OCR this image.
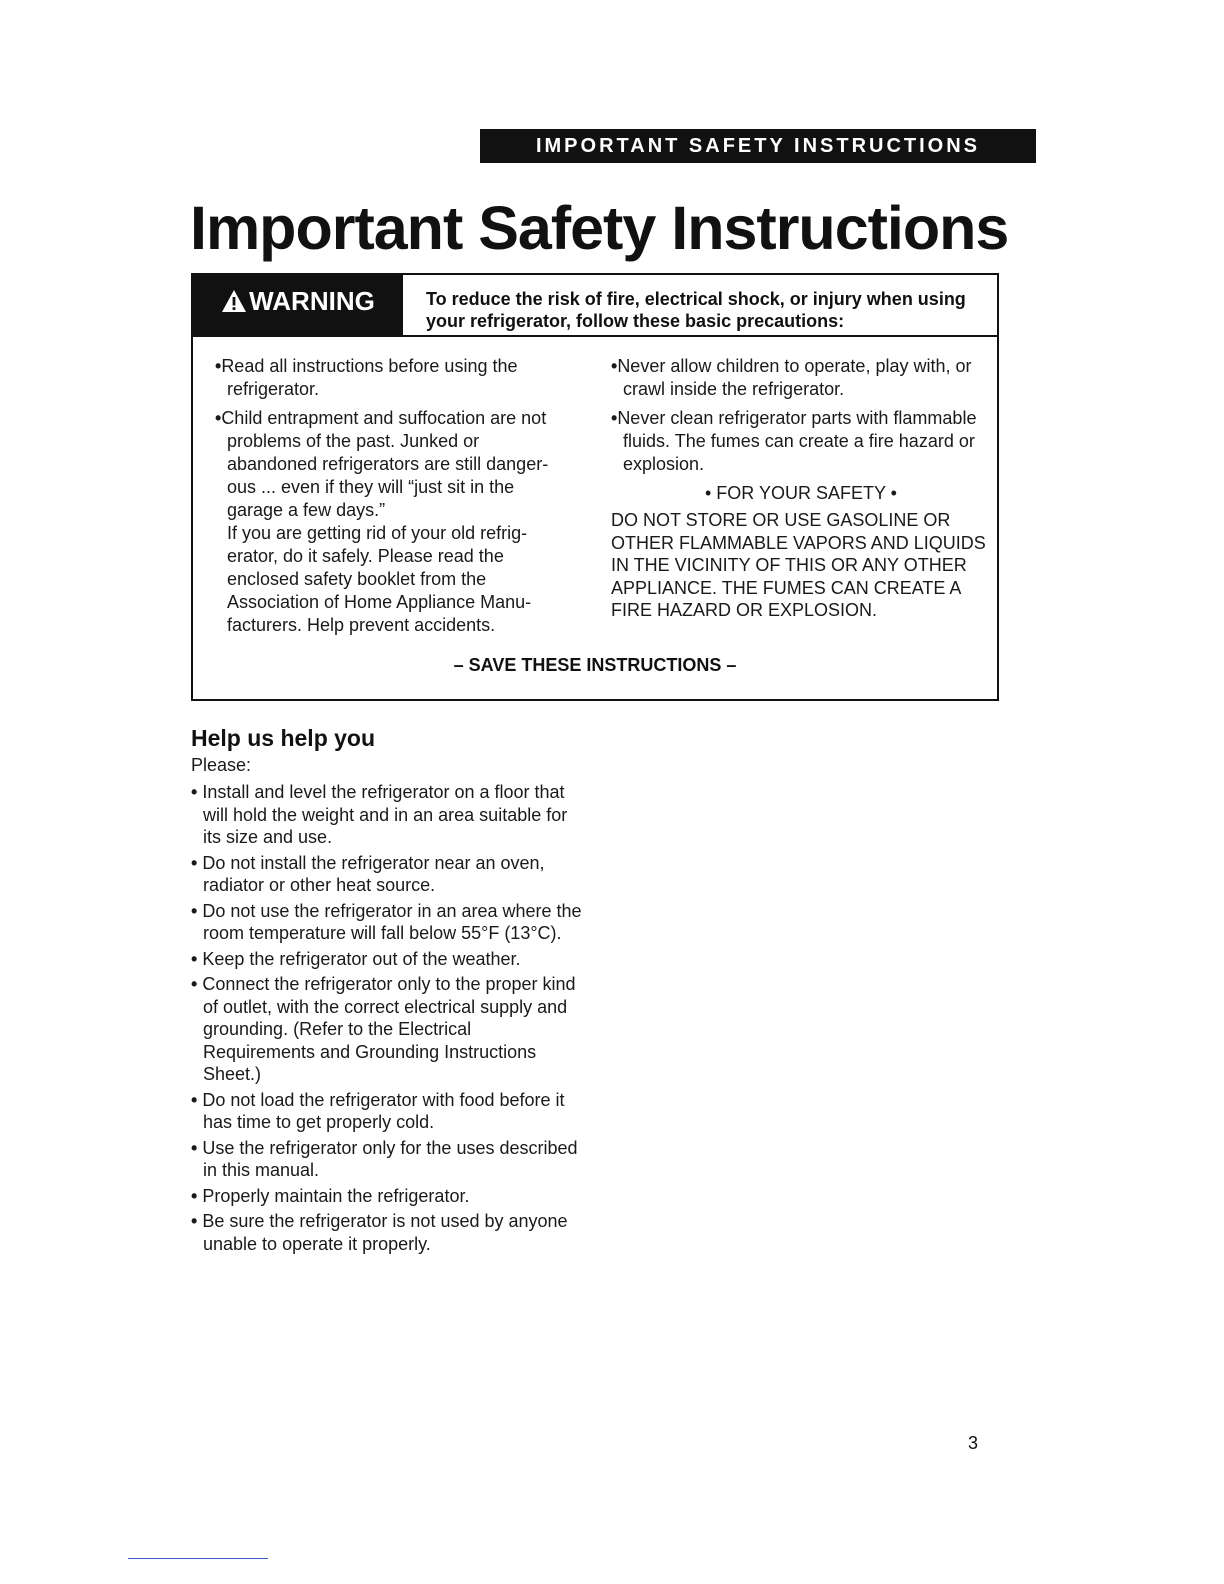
IMPORTANT SAFETY INSTRUCTIONS
Important Safety Instructions
WARNING	To reduce the risk of fire, electrical shock, or injury when using your refrigerator, follow these basic precautions:

•Read all instructions before using the refrigerator.

•Child entrapment and suffocation are not problems of the past. Junked or abandoned refrigerators are still danger-ous ... even if they will “just sit in the garage a few days.”

If you are getting rid of your old refrig-erator, do it safely. Please read the enclosed safety booklet from the Association of Home Appliance Manu-facturers. Help prevent accidents.

•Never allow children to operate, play with, or crawl inside the refrigerator.

•Never clean refrigerator parts with flammable fluids. The fumes can create a fire hazard or explosion.

• FOR YOUR SAFETY •

DO NOT STORE OR USE GASOLINE OR OTHER FLAMMABLE VAPORS AND LIQUIDS IN THE VICINITY OF THIS OR ANY OTHER APPLIANCE. THE FUMES CAN CREATE A FIRE HAZARD OR EXPLOSION.

– SAVE THESE INSTRUCTIONS –
Help us help you

Please:

• Install and level the refrigerator on a floor that will hold the weight and in an area suitable for its size and use.

• Do not install the refrigerator near an oven, radiator or other heat source.

• Do not use the refrigerator in an area where the room temperature will fall below 55°F (13°C).

• Keep the refrigerator out of the weather.

• Connect the refrigerator only to the proper kind of outlet, with the correct electrical supply and grounding. (Refer to the Electrical Requirements and Grounding Instructions Sheet.)

• Do not load the refrigerator with food before it has time to get properly cold.

• Use the refrigerator only for the uses described in this manual.

• Properly maintain the refrigerator.

• Be sure the refrigerator is not used by anyone unable to operate it properly.

3
